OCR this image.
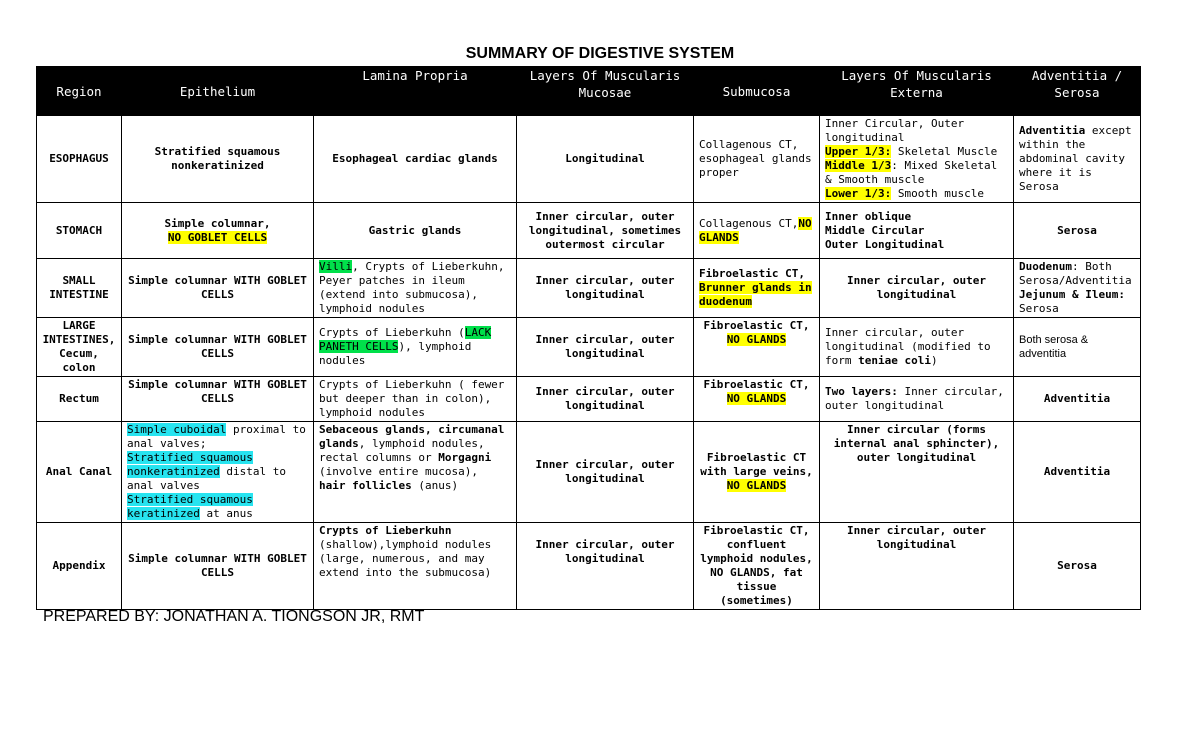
SUMMARY OF DIGESTIVE SYSTEM
Region	Epithelium	Lamina Propria	Layers Of Muscularis Mucosae	Submucosa	Layers Of Muscularis Externa	Adventitia / Serosa
ESOPHAGUS	Stratified squamous nonkeratinized	Esophageal cardiac glands	Longitudinal	Collagenous CT, esophageal glands proper	Inner Circular, Outer longitudinal
Upper 1/3: Skeletal Muscle
Middle 1/3: Mixed Skeletal & Smooth muscle
Lower 1/3: Smooth muscle	Adventitia except within the abdominal cavity where it is Serosa
STOMACH	Simple columnar,
NO GOBLET CELLS	Gastric glands	Inner circular, outer longitudinal, sometimes outermost circular	Collagenous CT,NO GLANDS	Inner oblique
Middle Circular
Outer Longitudinal	Serosa
SMALL INTESTINE	Simple columnar WITH GOBLET CELLS	Villi, Crypts of Lieberkuhn, Peyer patches in ileum (extend into submucosa), lymphoid nodules	Inner circular, outer longitudinal	Fibroelastic CT,
Brunner glands in duodenum	Inner circular, outer longitudinal	Duodenum: Both Serosa/Adventitia
Jejunum & Ileum:
Serosa
LARGE INTESTINES, Cecum, colon	Simple columnar WITH GOBLET CELLS	Crypts of Lieberkuhn (LACK PANETH CELLS), lymphoid nodules	Inner circular, outer longitudinal	Fibroelastic CT,
NO GLANDS	Inner circular, outer longitudinal (modified to form teniae coli)	Both serosa & adventitia
Rectum	Simple columnar WITH GOBLET CELLS	Crypts of Lieberkuhn ( fewer but deeper than in colon), lymphoid nodules	Inner circular, outer longitudinal	Fibroelastic CT,
NO GLANDS	Two layers: Inner circular, outer longitudinal	Adventitia
Anal Canal	Simple cuboidal proximal to anal valves;
Stratified squamous nonkeratinized distal to anal valves
Stratified squamous keratinized at anus	Sebaceous glands, circumanal glands, lymphoid nodules, rectal columns or Morgagni (involve entire mucosa),
hair follicles (anus)	Inner circular, outer longitudinal	Fibroelastic CT with large veins, NO GLANDS	Inner circular (forms internal anal sphincter), outer longitudinal	Adventitia
Appendix	Simple columnar WITH GOBLET CELLS	Crypts of Lieberkuhn
(shallow),lymphoid nodules (large, numerous, and may extend into the submucosa)	Inner circular, outer longitudinal	Fibroelastic CT, confluent lymphoid nodules, NO GLANDS, fat tissue (sometimes)	Inner circular, outer longitudinal	Serosa
PREPARED BY: JONATHAN A. TIONGSON JR, RMT
